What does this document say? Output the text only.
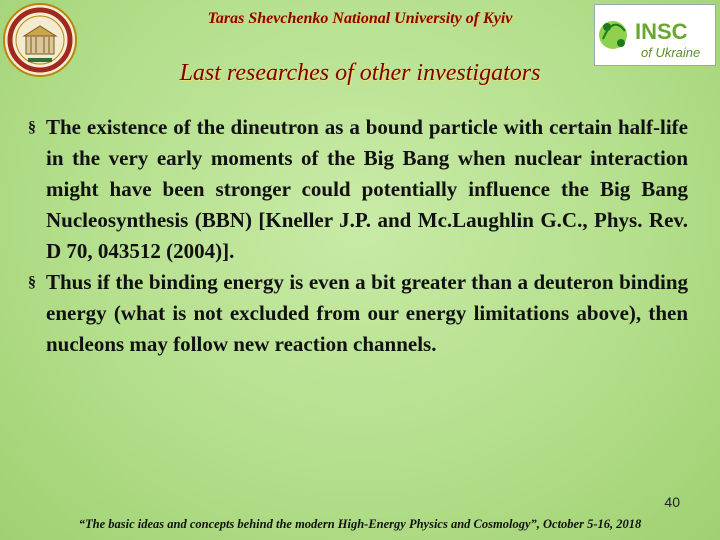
INSC
of Ukraine

Taras Shevchenko National University of Kyiv

Last researches of other investigators

§ The existence of the dineutron as a bound particle with certain half-life in the very early moments of the Big Bang when nuclear interaction might have been stronger could potentially influence the Big Bang Nucleosynthesis (BBN) [Kneller J.P. and Mc.Laughlin G.C., Phys. Rev. D 70, 043512 (2004)].

§ Thus if the binding energy is even a bit greater than a deuteron binding energy (what is not excluded from our energy limitations above), then nucleons may follow new reaction channels.

40

“The basic ideas and concepts behind the modern High-Energy Physics and Cosmology”, October 5-16, 2018
